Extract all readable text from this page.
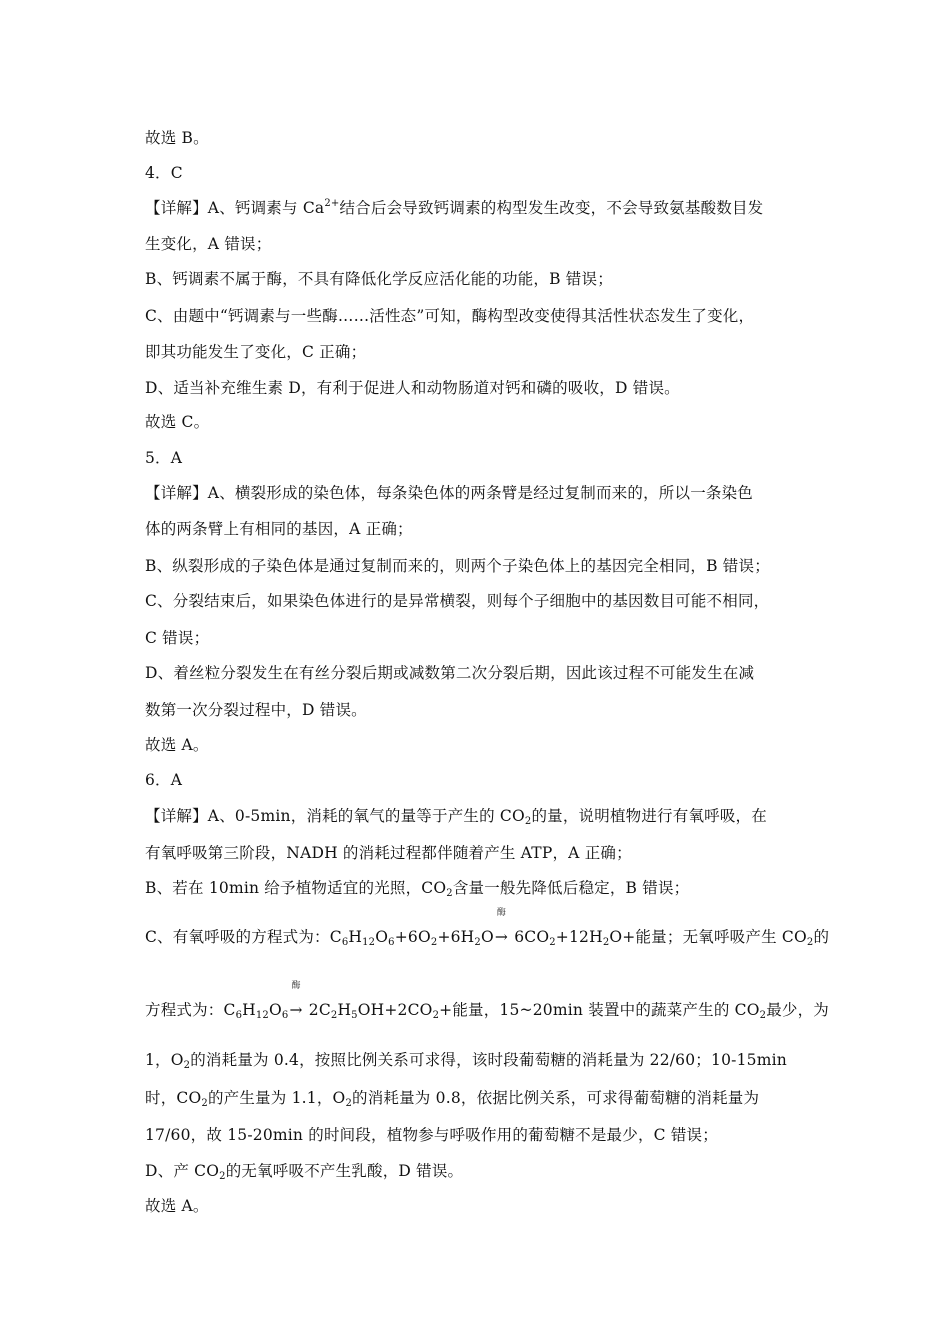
故选 B。
4．C
【详解】A、钙调素与 $Ca^{2+}$结合后会导致钙调素的构型发生改变，不会导致氨基酸数目发
生变化，A 错误；
B、钙调素不属于酶，不具有降低化学反应活化能的功能，B 错误；
C、由题中“钙调素与一些酶……活性态”可知，酶构型改变使得其活性状态发生了变化，
即其功能发生了变化，C 正确；
D、适当补充维生素 D，有利于促进人和动物肠道对钙和磷的吸收，D 错误。
故选 C。
5．A
【详解】A、横裂形成的染色体，每条染色体的两条臂是经过复制而来的，所以一条染色
体的两条臂上有相同的基因，A 正确；
B、纵裂形成的子染色体是通过复制而来的，则两个子染色体上的基因完全相同，B 错误；
C、分裂结束后，如果染色体进行的是异常横裂，则每个子细胞中的基因数目可能不相同，
C 错误；
D、着丝粒分裂发生在有丝分裂后期或减数第二次分裂后期，因此该过程不可能发生在减
数第一次分裂过程中，D 错误。
故选 A。
6．A
【详解】A、0-5min，消耗的氧气的量等于产生的 $CO_2$的量，说明植物进行有氧呼吸，在
有氧呼吸第三阶段，NADH 的消耗过程都伴随着产生 ATP，A 正确；
B、若在 10min 给予植物适宜的光照，$CO_2$含量一般先降低后稳定，B 错误；
C、有氧呼吸的方程式为：$C_6H_{12}O_6+6O_2+6H_2O$
酶
→ $6CO_2+12H_2O+$能量；无氧呼吸产生 $CO_2$的
方程式为：$C_6H_{12}O_6$
酶
→ $2C_2H_5OH+2CO_2+$能量，15~20min 装置中的蔬菜产生的 $CO_2$最少，为
1，$O_2$的消耗量为 0.4，按照比例关系可求得，该时段葡萄糖的消耗量为 22/60；10-15min
时，$CO_2$的产生量为 1.1，$O_2$的消耗量为 0.8，依据比例关系，可求得葡萄糖的消耗量为
17/60，故 15-20min 的时间段，植物参与呼吸作用的葡萄糖不是最少，C 错误；
D、产 $CO_2$的无氧呼吸不产生乳酸，D 错误。
故选 A。
